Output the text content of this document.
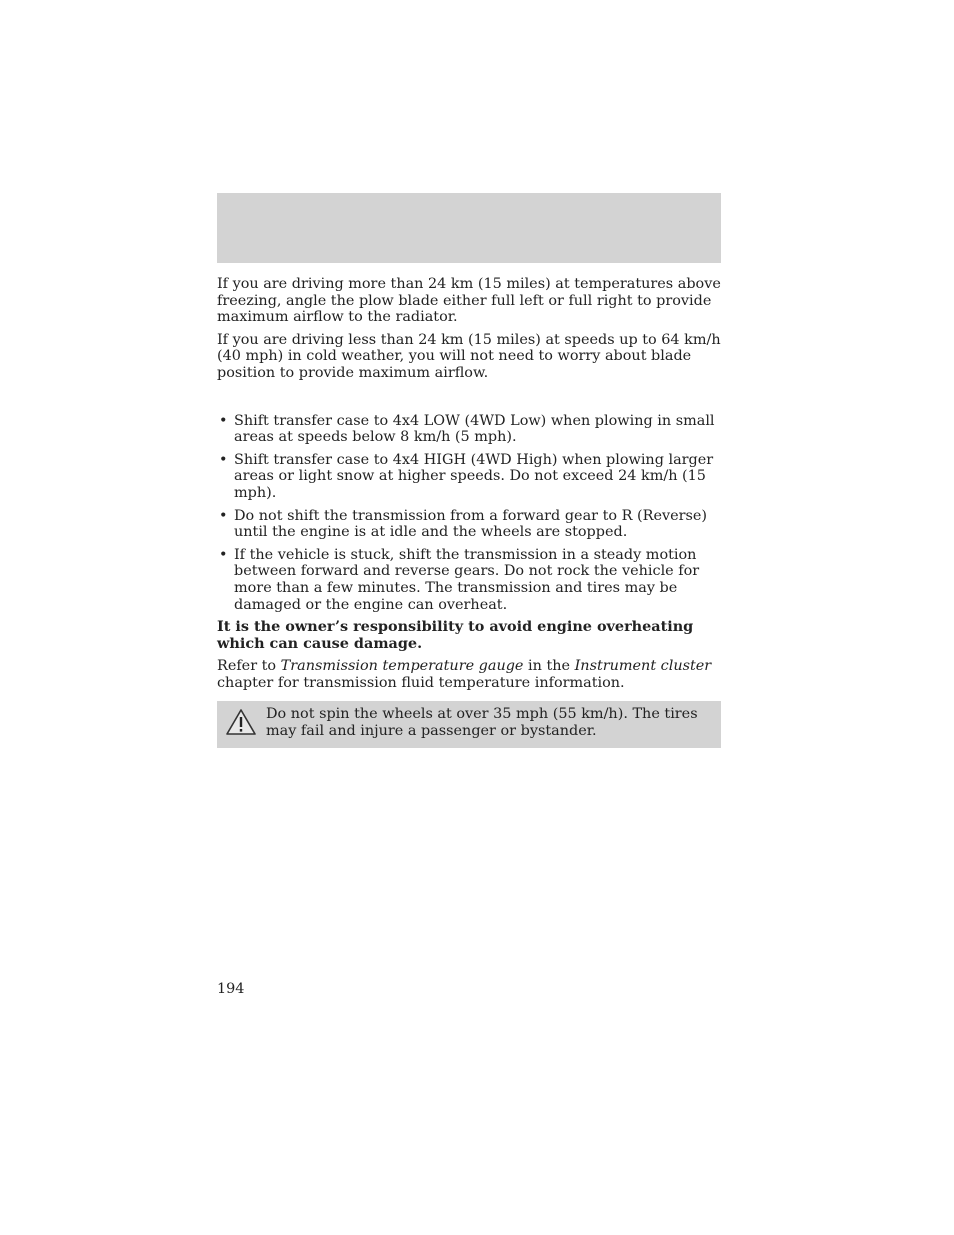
If you are driving more than 24 km (15 miles) at temperatures above freezing, angle the plow blade either full left or full right to provide maximum airflow to the radiator.

If you are driving less than 24 km (15 miles) at speeds up to 64 km/h (40 mph) in cold weather, you will not need to worry about blade position to provide maximum airflow.

• Shift transfer case to 4x4 LOW (4WD Low) when plowing in small areas at speeds below 8 km/h (5 mph).
• Shift transfer case to 4x4 HIGH (4WD High) when plowing larger areas or light snow at higher speeds. Do not exceed 24 km/h (15 mph).
• Do not shift the transmission from a forward gear to R (Reverse) until the engine is at idle and the wheels are stopped.
• If the vehicle is stuck, shift the transmission in a steady motion between forward and reverse gears. Do not rock the vehicle for more than a few minutes. The transmission and tires may be damaged or the engine can overheat.

It is the owner’s responsibility to avoid engine overheating which can cause damage.

Refer to Transmission temperature gauge in the Instrument cluster chapter for transmission fluid temperature information.

Do not spin the wheels at over 35 mph (55 km/h). The tires may fail and injure a passenger or bystander.
194
